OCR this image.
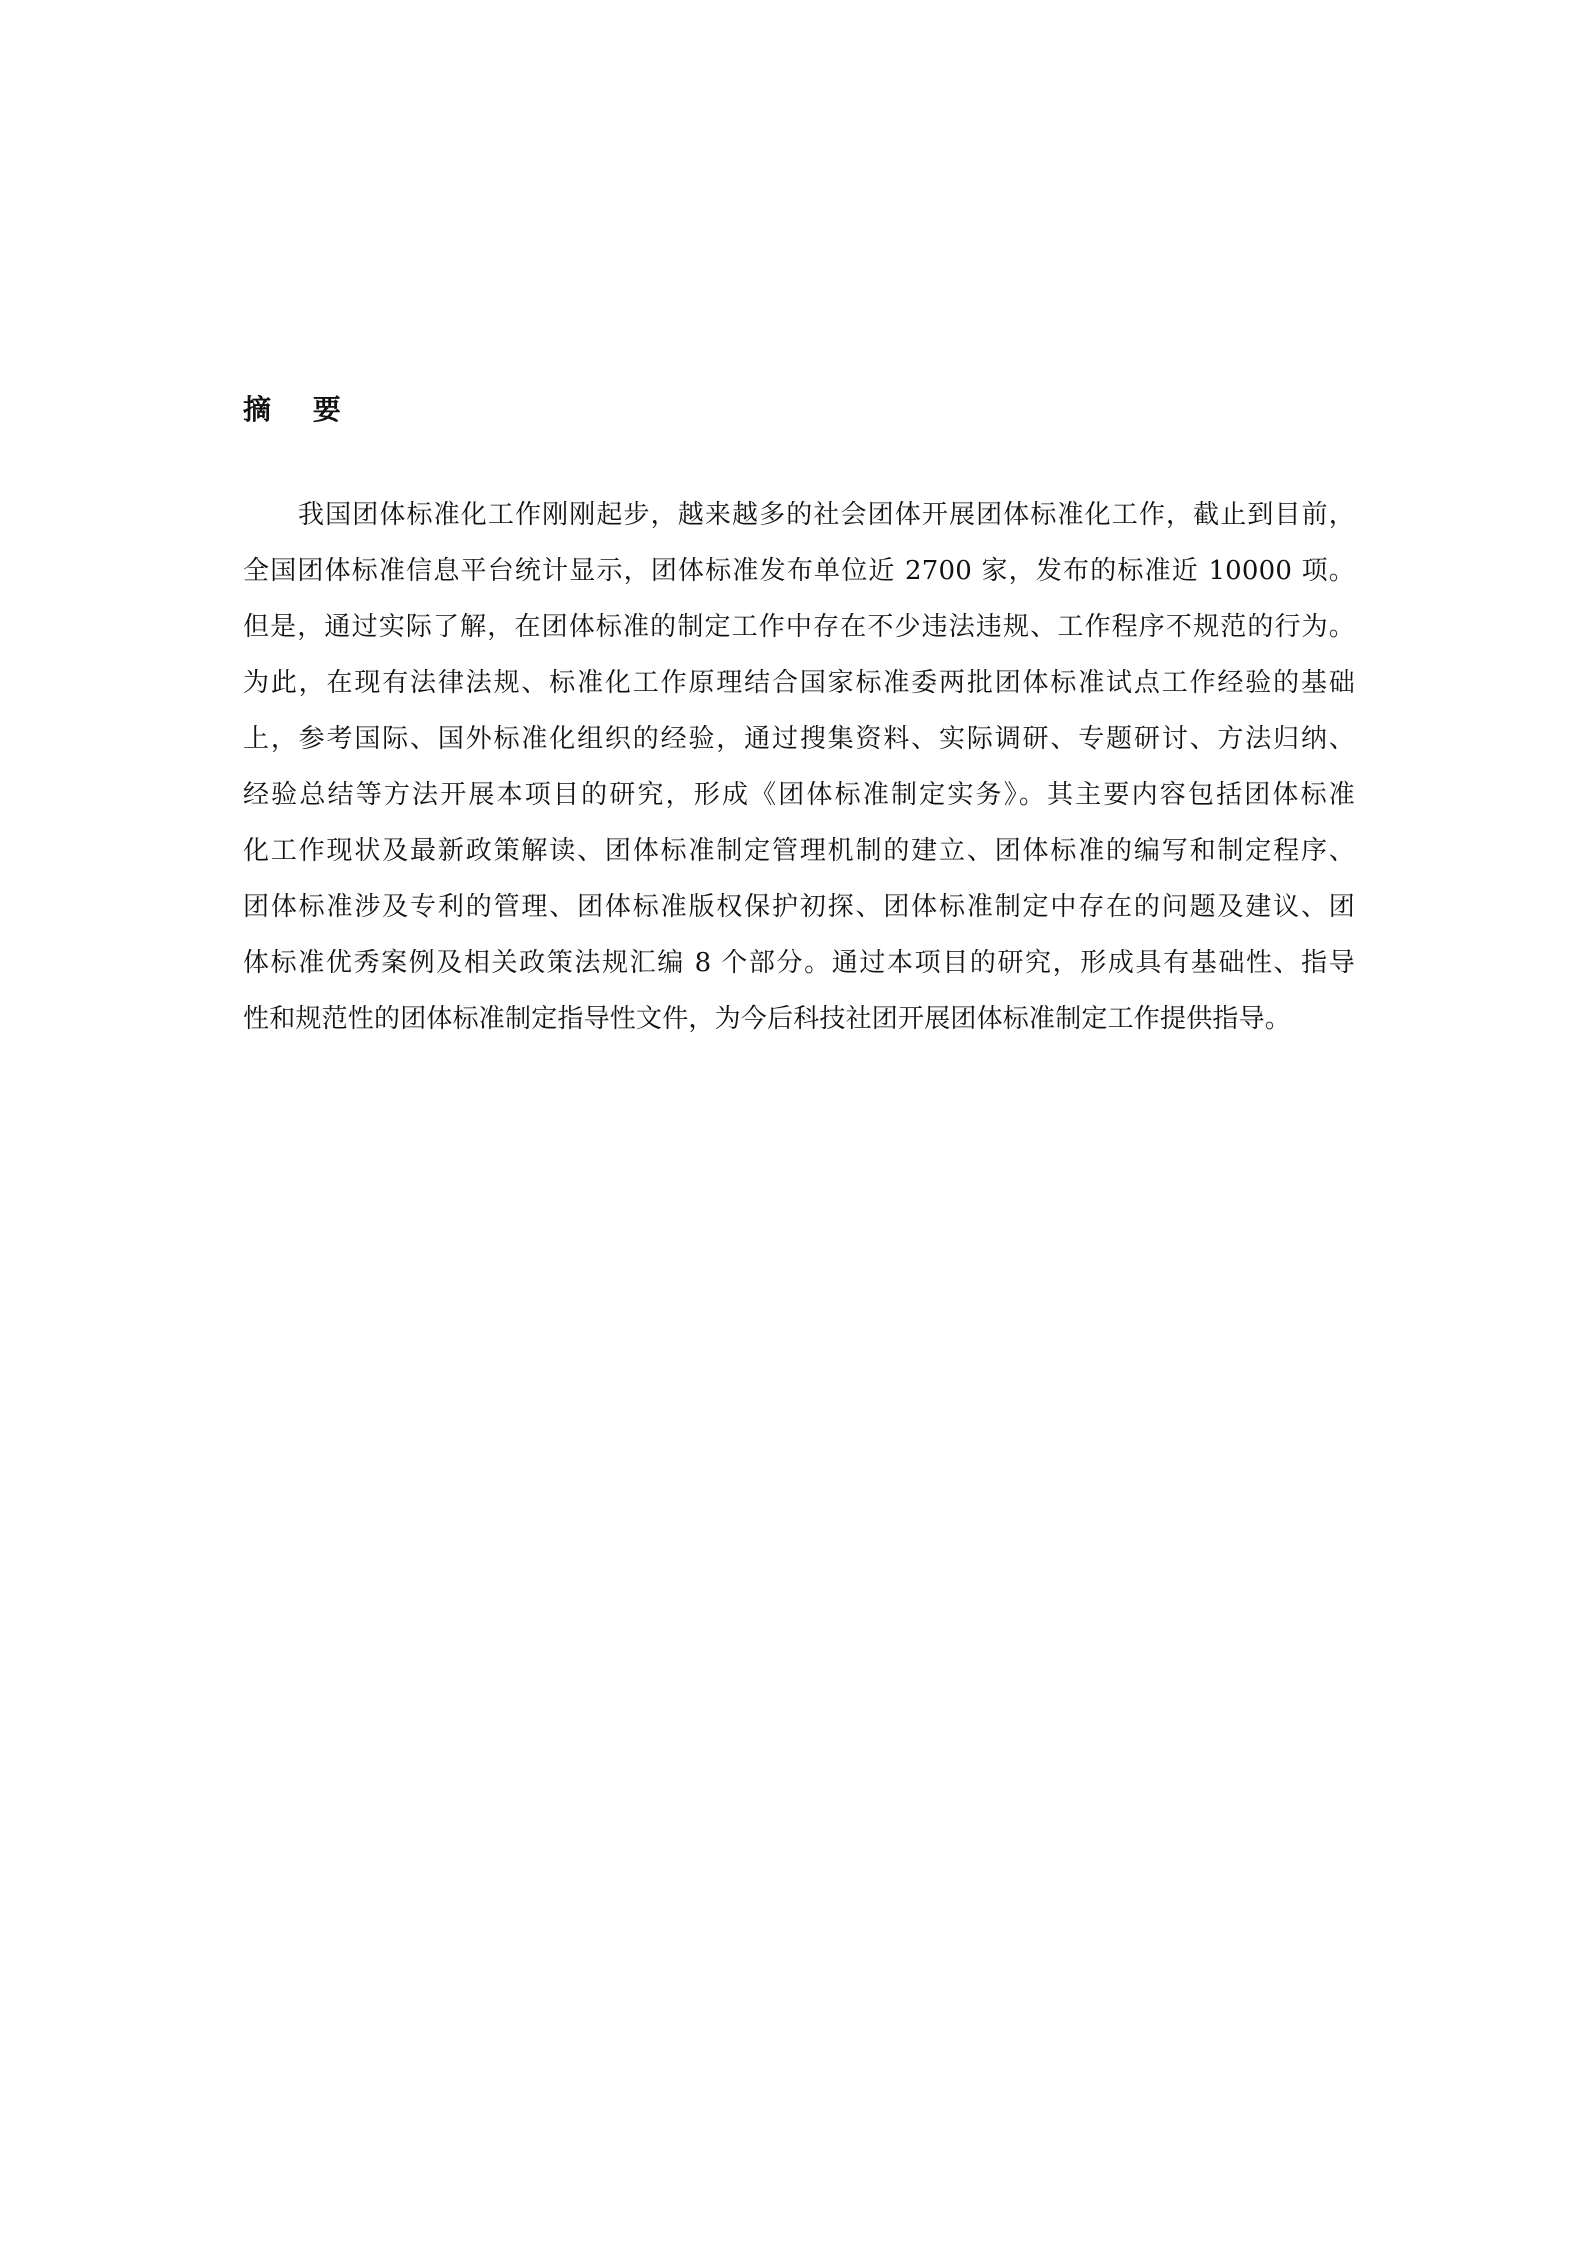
摘 要
我国团体标准化工作刚刚起步，越来越多的社会团体开展团体标准化工作，截止到目前，
全国团体标准信息平台统计显示，团体标准发布单位近 2700 家，发布的标准近 10000 项。
但是，通过实际了解，在团体标准的制定工作中存在不少违法违规、工作程序不规范的行为。
为此，在现有法律法规、标准化工作原理结合国家标准委两批团体标准试点工作经验的基础
上，参考国际、国外标准化组织的经验，通过搜集资料、实际调研、专题研讨、方法归纳、
经验总结等方法开展本项目的研究，形成《团体标准制定实务》。其主要内容包括团体标准
化工作现状及最新政策解读、团体标准制定管理机制的建立、团体标准的编写和制定程序、
团体标准涉及专利的管理、团体标准版权保护初探、团体标准制定中存在的问题及建议、团
体标准优秀案例及相关政策法规汇编 8 个部分。通过本项目的研究，形成具有基础性、指导
性和规范性的团体标准制定指导性文件，为今后科技社团开展团体标准制定工作提供指导。
